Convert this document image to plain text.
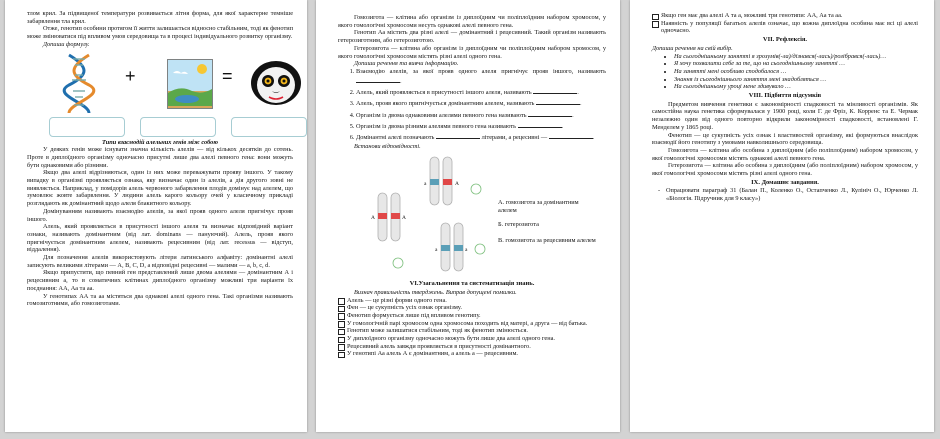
тлом крил. За підвищеної температури розвивається літня форма, для якої характерне темніше забарвлення тла крил.

Отже, генотип особини протягом її життя залишається відносно стабільним, тоді як фенотип може змінюватися під впливом умов середовища та в процесі індивідуального розвитку організму.

Допиши формулу.

+	=

Типи взаємодій алельних генів між собою

У деяких генів може існувати значна кількість алелів — від кількох десятків до сотень. Проте в диплоїдного організму одночасно присутні лише два алелі певного гена: вони можуть бути однаковими або різними.

Якщо два алелі відрізняються, один із них може переважувати прояву іншого. У такому випадку в організмі проявляється ознака, яку визначає один із алелів, а дія другого зовні не виявляється. Наприклад, у помідорів алель червоного забарвлення плодів домінує над алелем, що зумовлює жовте забарвлення. У людини алель карого кольору очей у класичному прикладі розглядають як домінантний щодо алеля блакитного кольору.

Домінуванням називають взаємодію алелів, за якої прояв одного алеля пригнічує прояв іншого.

Алель, який проявляється в присутності іншого алеля та визначає відповідний варіант ознаки, називають домінантним (від лат. dominans — пануючий). Алель, прояв якого пригнічується домінантним алелем, називають рецесивним (від лат. recessus — відступ, віддалення).

Для позначення алелів використовують літери латинського алфавіту: домінантні алелі записують великими літерами — А, В, С, D, а відповідні рецесивні — малими — a, b, c, d.

Якщо припустити, що певний ген представлений лише двома алелями — домінантним А і рецесивним a, то в соматичних клітинах диплоїдного організму можливі три варіанти їх поєднання: АА, Аа та aa.

У генотипах АА та aa містяться два однакові алелі одного гена. Такі організми називають гомозиготними, або гомозиготами.

Гомозигота — клітина або організм із диплоїдним чи поліплоїдним набором хромосом, у якого гомологічні хромосоми несуть однакові алелі певного гена.

Генотип Аа містить два різні алелі — домінантний і рецесивний. Такий організм називають гетерозиготним, або гетерозиготою.

Гетерозигота — клітина або організм із диплоїдним чи поліплоїдним набором хромосом, у якого гомологічні хромосоми містять різні алелі одного гена.

Допиши речення та вивчи інформацію.

1. Взаємодію алелів, за якої прояв одного алеля пригнічує прояв іншого, називають .
2. Алель, який проявляється в присутності іншого алеля, називають	.
3. Алель, прояв якого пригнічується домінантним алелем, називають	.
4. Організм із двома однаковими алелями певного гена називають	.
5. Організм із двома різними алелями певного гена називають	.
6. Домінантні алелі позначають	літерами, а рецесивні —	.

Встанови відповідності.

a	A
A	A
a	a
А. гомозигота за домінантним алелем
Б. гетерозигота
В. гомозигота за рецесивним алелем
VI.Узагальнення та систематизація знань.

Визнач правильність тверджень. Виправ допущені помилки.

Алель — це різні форми одного гена.
Фен — це сукупність усіх ознак організму.
Фенотип формується лише під впливом генотипу.
У гомологічній парі хромосом одна хромосома походить від матері, а друга — від батька.
Генотип може залишатися стабільним, тоді як фенотип змінюється.
У диплоїдного організму одночасно можуть бути лише два алелі одного гена.
Рецесивний алель завжди проявляється в присутності домінантного.
У генотипі Аа алель А є домінантним, а алель a — рецесивним.
Якщо ген має два алелі А та a, можливі три генотипи: АА, Аа та aa.
Наявність у популяції багатьох алелів означає, що кожна диплоїдна особина має всі ці алелі одночасно.
VII. Рефлексія.

Допиши речення на свій вибір.

• На сьогоднішньому занятті я зрозумів(-ла)/дізнався(-лась)/розібрався(-лась)…
• Я хочу похвалити себе за те, що на сьогоднішньому занятті …
• На занятті мені особливо сподобалося …
• Знання із сьогоднішнього заняття мені знадобляться …
• На сьогоднішньому уроці мене здивувало …
VIII. Підбиття підсумків

Предметом вивчення генетики є закономірності спадковості та мінливості організмів. Як самостійна наука генетика сформувалася у 1900 році, коли Г. де Фріз, К. Корренс та Е. Чермак незалежно один від одного повторно відкрили закономірності спадковості, встановлені Г. Менделем у 1865 році.

Фенотип — це сукупність усіх ознак і властивостей організму, які формуються внаслідок взаємодії його генотипу з умовами навколишнього середовища.

Гомозигота — клітина або особина з диплоїдним (або поліплоїдним) набором хромосом, у якої гомологічні хромосоми містять однакові алелі певного гена.

Гетерозигота — клітина або особина з диплоїдним (або поліплоїдним) набором хромосом, у якої гомологічні хромосоми містять різні алелі одного гена.

IX. Домашнє завдання.

- Опрацювати параграф 31 (Балан П., Коленко О., Остапченко Л., Кулініч О., Юрченко Л. «Біологія. Підручник для 9 класу»)
